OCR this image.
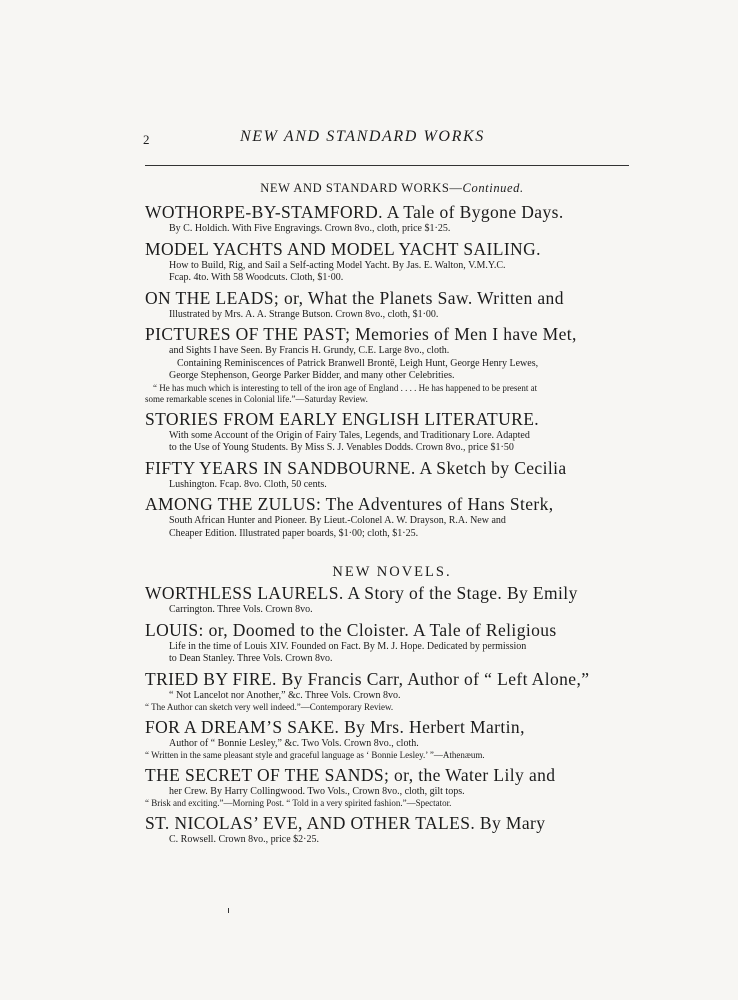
2	NEW AND STANDARD WORKS
NEW AND STANDARD WORKS—Continued.
WOTHORPE-BY-STAMFORD. A Tale of Bygone Days.
By C. Holdich. With Five Engravings. Crown 8vo., cloth, price $1·25.
MODEL YACHTS AND MODEL YACHT SAILING.
How to Build, Rig, and Sail a Self-acting Model Yacht. By Jas. E. Walton, V.M.Y.C.
Fcap. 4to. With 58 Woodcuts. Cloth, $1·00.
ON THE LEADS; or, What the Planets Saw. Written and
Illustrated by Mrs. A. A. Strange Butson. Crown 8vo., cloth, $1·00.
PICTURES OF THE PAST; Memories of Men I have Met,
and Sights I have Seen. By Francis H. Grundy, C.E. Large 8vo., cloth.
Containing Reminiscences of Patrick Branwell Brontë, Leigh Hunt, George Henry Lewes,
George Stephenson, George Parker Bidder, and many other Celebrities.
“ He has much which is interesting to tell of the iron age of England . . . . He has happened to be present at
some remarkable scenes in Colonial life.”—Saturday Review.
STORIES FROM EARLY ENGLISH LITERATURE.
With some Account of the Origin of Fairy Tales, Legends, and Traditionary Lore. Adapted
to the Use of Young Students. By Miss S. J. Venables Dodds. Crown 8vo., price $1·50
FIFTY YEARS IN SANDBOURNE. A Sketch by Cecilia
Lushington. Fcap. 8vo. Cloth, 50 cents.
AMONG THE ZULUS: The Adventures of Hans Sterk,
South African Hunter and Pioneer. By Lieut.-Colonel A. W. Drayson, R.A. New and
Cheaper Edition. Illustrated paper boards, $1·00; cloth, $1·25.
NEW NOVELS.
WORTHLESS LAURELS. A Story of the Stage. By Emily
Carrington. Three Vols. Crown 8vo.
LOUIS: or, Doomed to the Cloister. A Tale of Religious
Life in the time of Louis XIV. Founded on Fact. By M. J. Hope. Dedicated by permission
to Dean Stanley. Three Vols. Crown 8vo.
TRIED BY FIRE. By Francis Carr, Author of “ Left Alone,”
“ Not Lancelot nor Another,” &c. Three Vols. Crown 8vo.
“ The Author can sketch very well indeed.”—Contemporary Review.
FOR A DREAM’S SAKE. By Mrs. Herbert Martin,
Author of “ Bonnie Lesley,” &c. Two Vols. Crown 8vo., cloth.
“ Written in the same pleasant style and graceful language as ‘ Bonnie Lesley.’ ”—Athenæum.
THE SECRET OF THE SANDS; or, the Water Lily and
her Crew. By Harry Collingwood. Two Vols., Crown 8vo., cloth, gilt tops.
“ Brisk and exciting.”—Morning Post. “ Told in a very spirited fashion.”—Spectator.
ST. NICOLAS’ EVE, AND OTHER TALES. By Mary
C. Rowsell. Crown 8vo., price $2·25.
